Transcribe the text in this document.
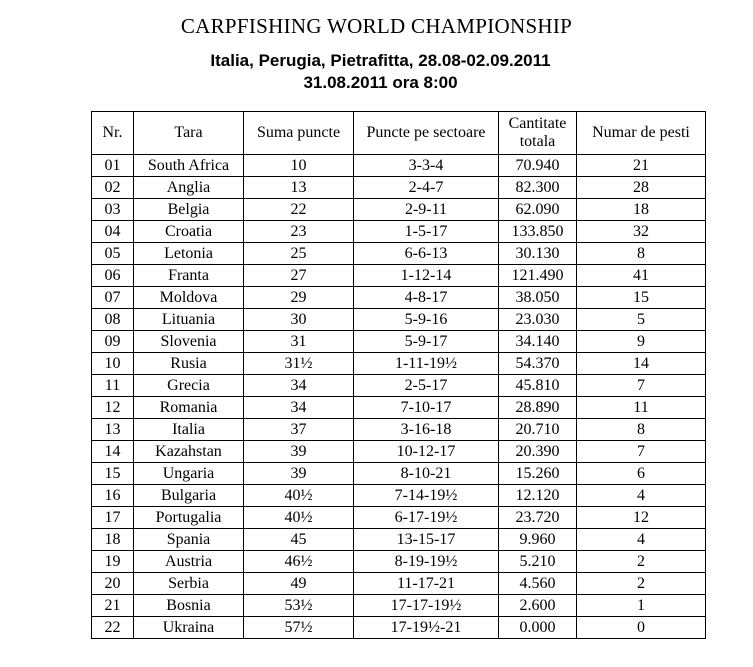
CARPFISHING WORLD CHAMPIONSHIP
Italia, Perugia, Pietrafitta, 28.08-02.09.2011
31.08.2011 ora 8:00
Nr.	Tara	Suma puncte	Puncte pe sectoare	Cantitate totala	Numar de pesti
01	South Africa	10	3-3-4	70.940	21
02	Anglia	13	2-4-7	82.300	28
03	Belgia	22	2-9-11	62.090	18
04	Croatia	23	1-5-17	133.850	32
05	Letonia	25	6-6-13	30.130	8
06	Franta	27	1-12-14	121.490	41
07	Moldova	29	4-8-17	38.050	15
08	Lituania	30	5-9-16	23.030	5
09	Slovenia	31	5-9-17	34.140	9
10	Rusia	31½	1-11-19½	54.370	14
11	Grecia	34	2-5-17	45.810	7
12	Romania	34	7-10-17	28.890	11
13	Italia	37	3-16-18	20.710	8
14	Kazahstan	39	10-12-17	20.390	7
15	Ungaria	39	8-10-21	15.260	6
16	Bulgaria	40½	7-14-19½	12.120	4
17	Portugalia	40½	6-17-19½	23.720	12
18	Spania	45	13-15-17	9.960	4
19	Austria	46½	8-19-19½	5.210	2
20	Serbia	49	11-17-21	4.560	2
21	Bosnia	53½	17-17-19½	2.600	1
22	Ukraina	57½	17-19½-21	0.000	0
